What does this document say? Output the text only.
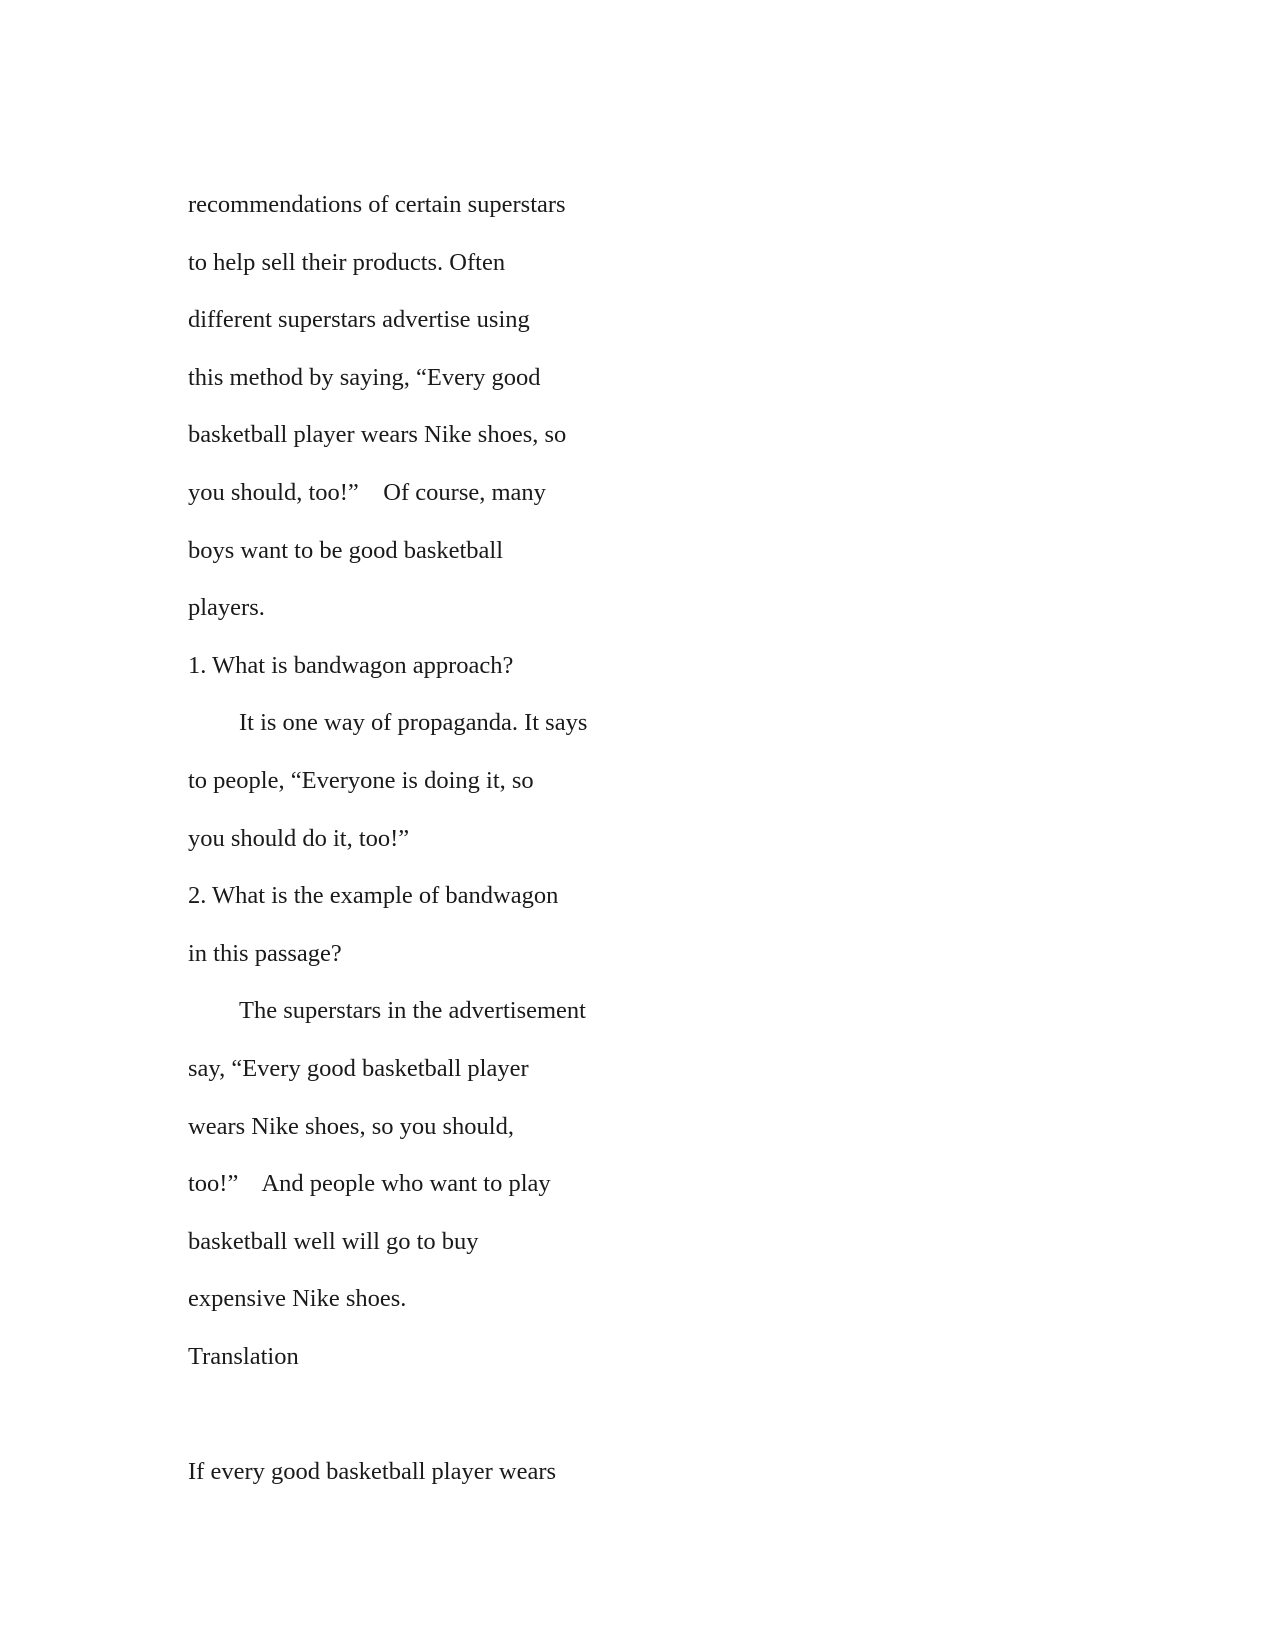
recommendations of certain superstars
to help sell their products. Often
different superstars advertise using
this method by saying, “Every good
basketball player wears Nike shoes, so
you should, too!”    Of course, many
boys want to be good basketball
players.
1. What is bandwagon approach?
It is one way of propaganda. It says
to people, “Everyone is doing it, so
you should do it, too!”
2. What is the example of bandwagon
in this passage?
The superstars in the advertisement
say, “Every good basketball player
wears Nike shoes, so you should,
too!”    And people who want to play
basketball well will go to buy
expensive Nike shoes.
Translation
If every good basketball player wears
